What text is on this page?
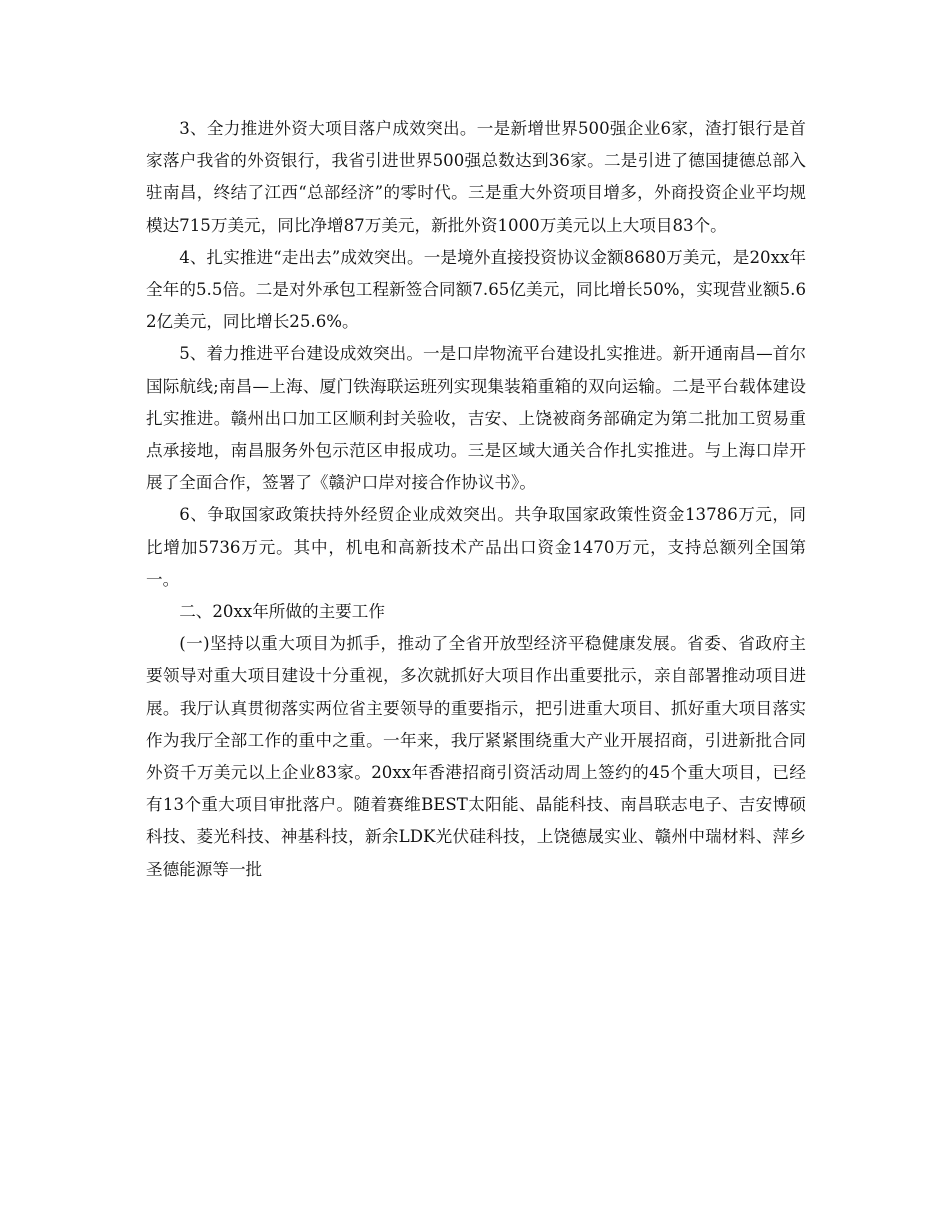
3、全力推进外资大项目落户成效突出。一是新增世界500强企业6家，渣打银行是首家落户我省的外资银行，我省引进世界500强总数达到36家。二是引进了德国捷德总部入驻南昌，终结了江西“总部经济”的零时代。三是重大外资项目增多，外商投资企业平均规模达715万美元，同比净增87万美元，新批外资1000万美元以上大项目83个。

4、扎实推进“走出去”成效突出。一是境外直接投资协议金额8680万美元，是20xx年全年的5.5倍。二是对外承包工程新签合同额7.65亿美元，同比增长50%，实现营业额5.62亿美元，同比增长25.6%。

5、着力推进平台建设成效突出。一是口岸物流平台建设扎实推进。新开通南昌—首尔国际航线;南昌—上海、厦门铁海联运班列实现集装箱重箱的双向运输。二是平台载体建设扎实推进。赣州出口加工区顺利封关验收，吉安、上饶被商务部确定为第二批加工贸易重点承接地，南昌服务外包示范区申报成功。三是区域大通关合作扎实推进。与上海口岸开展了全面合作，签署了《赣沪口岸对接合作协议书》。

6、争取国家政策扶持外经贸企业成效突出。共争取国家政策性资金13786万元，同比增加5736万元。其中，机电和高新技术产品出口资金1470万元，支持总额列全国第一。

二、20xx年所做的主要工作

(一)坚持以重大项目为抓手，推动了全省开放型经济平稳健康发展。省委、省政府主要领导对重大项目建设十分重视，多次就抓好大项目作出重要批示，亲自部署推动项目进展。我厅认真贯彻落实两位省主要领导的重要指示，把引进重大项目、抓好重大项目落实作为我厅全部工作的重中之重。一年来，我厅紧紧围绕重大产业开展招商，引进新批合同外资千万美元以上企业83家。20xx年香港招商引资活动周上签约的45个重大项目，已经有13个重大项目审批落户。随着赛维BEST太阳能、晶能科技、南昌联志电子、吉安博硕科技、菱光科技、神基科技，新余LDK光伏硅科技，上饶德晟实业、赣州中瑞材料、萍乡圣德能源等一批
